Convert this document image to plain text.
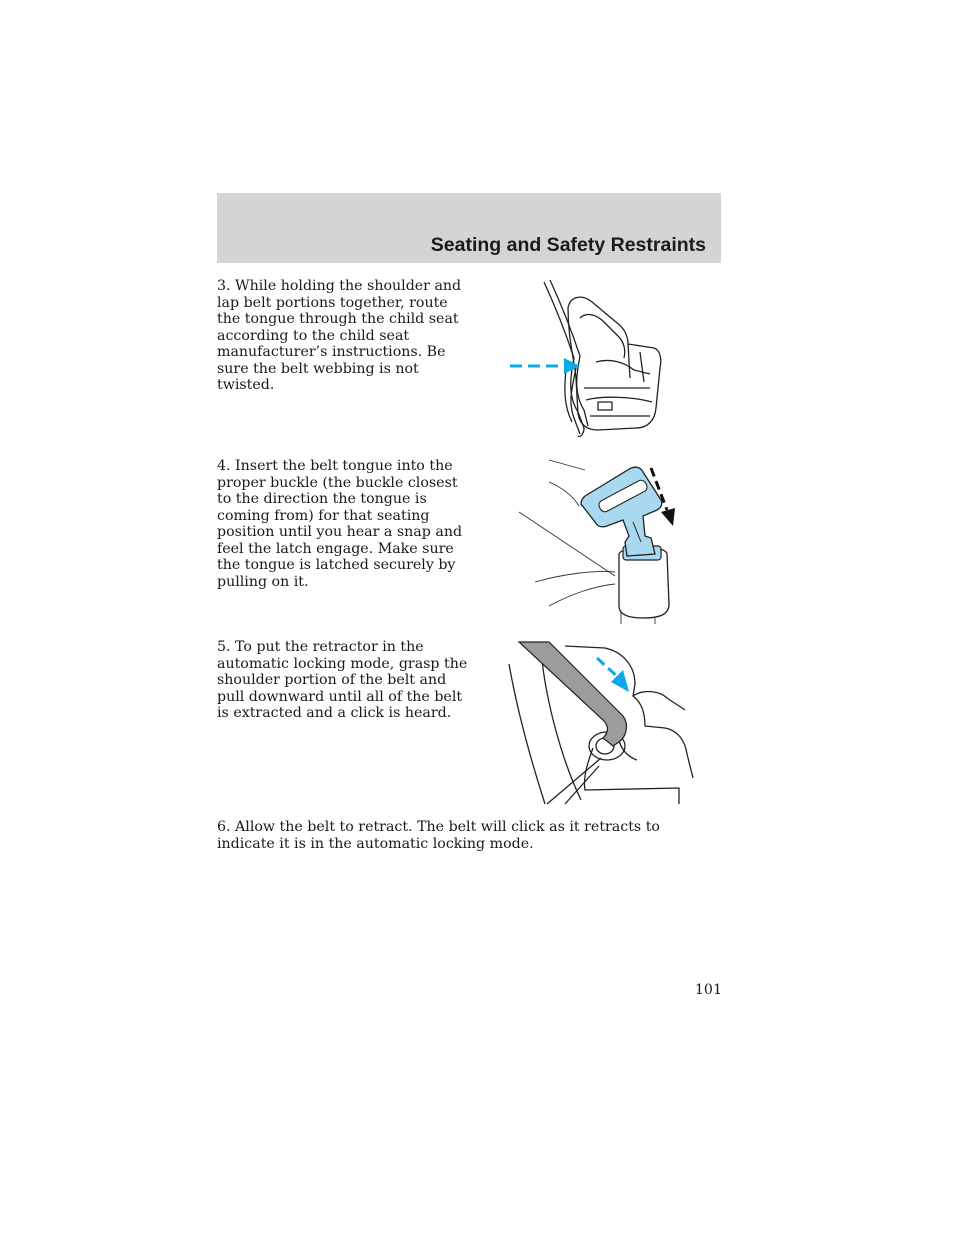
Seating and Safety Restraints
3. While holding the shoulder and lap belt portions together, route the tongue through the child seat according to the child seat manufacturer’s instructions. Be sure the belt webbing is not twisted.
4. Insert the belt tongue into the proper buckle (the buckle closest to the direction the tongue is coming from) for that seating position until you hear a snap and feel the latch engage. Make sure the tongue is latched securely by pulling on it.
5. To put the retractor in the automatic locking mode, grasp the shoulder portion of the belt and pull downward until all of the belt is extracted and a click is heard.
6. Allow the belt to retract. The belt will click as it retracts to indicate it is in the automatic locking mode.
101
